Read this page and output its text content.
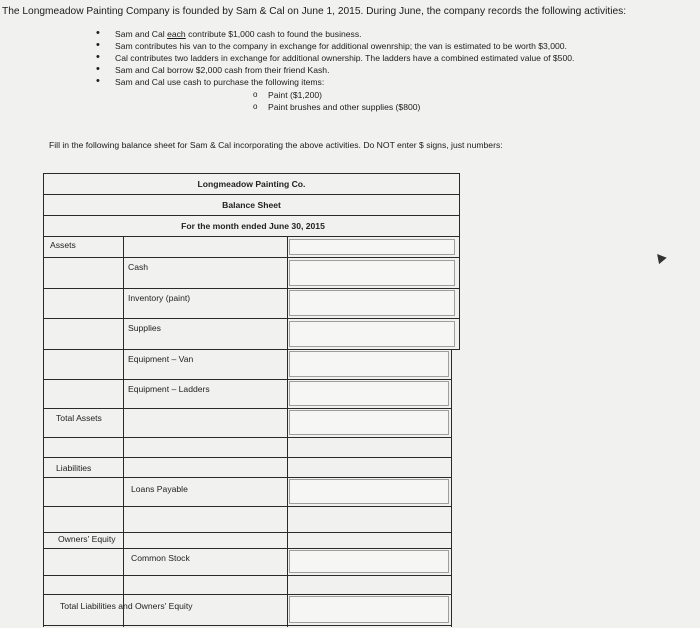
The Longmeadow Painting Company is founded by Sam & Cal on June 1, 2015. During June, the company records the following activities:
• Sam and Cal each contribute $1,000 cash to found the business.
• Sam contributes his van to the company in exchange for additional owenrship; the van is estimated to be worth $3,000.
• Cal contributes two ladders in exchange for additional ownership. The ladders have a combined estimated value of $500.
• Sam and Cal borrow $2,000 cash from their friend Kash.
• Sam and Cal use cash to purchase the following items:
o Paint ($1,200)
o Paint brushes and other supplies ($800)
Fill in the following balance sheet for Sam & Cal incorporating the above activities. Do NOT enter $ signs, just numbers:
Longmeadow Painting Co.
Balance Sheet
For the month ended June 30, 2015
Assets
Total Assets
Liabilities
Owners' Equity
Total Liabilities and Owners' Equity
Cash
Inventory (paint)
Supplies
Equipment – Van
Equipment – Ladders
Loans Payable
Common Stock
